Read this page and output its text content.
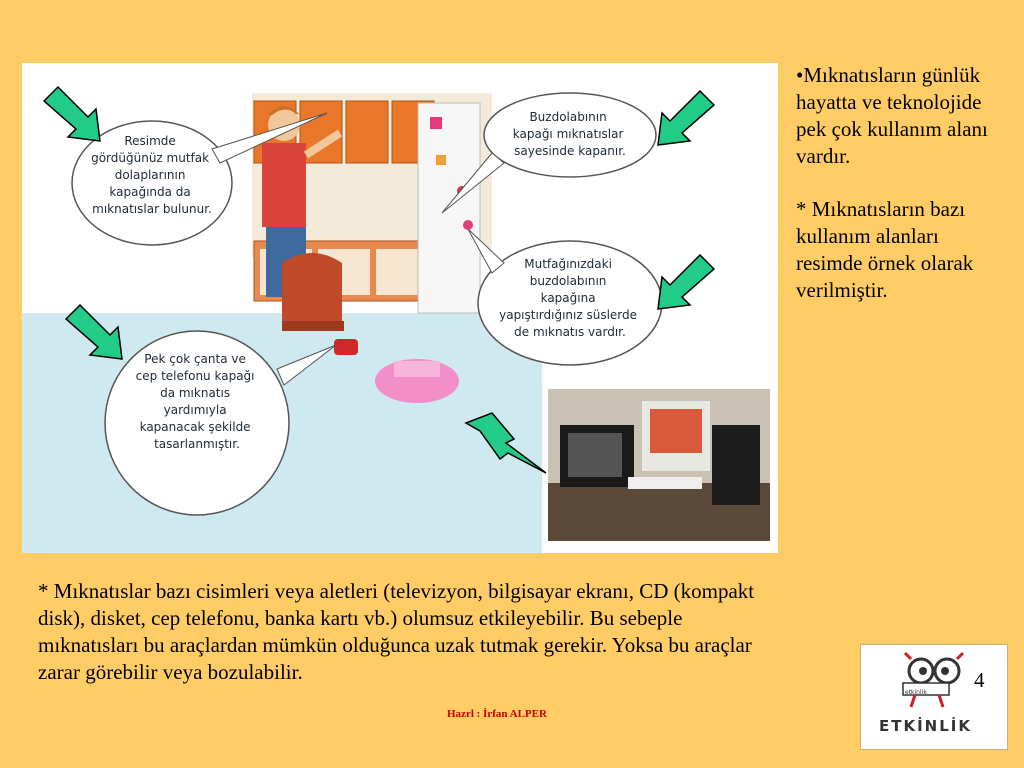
Resimde gördüğünüz mutfak dolaplarının kapağında da mıknatıslar bulunur.
Buzdolabının kapağı mıknatıslar sayesinde kapanır.
Mutfağınızdaki buzdolabının kapağına yapıştırdığınız süslerde de mıknatıs vardır.
Pek çok çanta ve cep telefonu kapağı da mıknatıs yardımıyla kapanacak şekilde tasarlanmıştır.

•Mıknatısların günlük hayatta ve teknolojide pek çok kullanım alanı vardır.

* Mıknatısların bazı kullanım alanları resimde örnek olarak verilmiştir.

* Mıknatıslar bazı cisimleri veya aletleri (televizyon, bilgisayar ekranı, CD (kompakt disk), disket, cep telefonu, banka kartı vb.) olumsuz etkileyebilir. Bu sebeple mıknatısları bu araçlardan mümkün olduğunca uzak tutmak gerekir. Yoksa bu araçlar zarar görebilir veya bozulabilir.
Hazrl : İrfan ALPER
etkinlik
ETKİNLİK
4
